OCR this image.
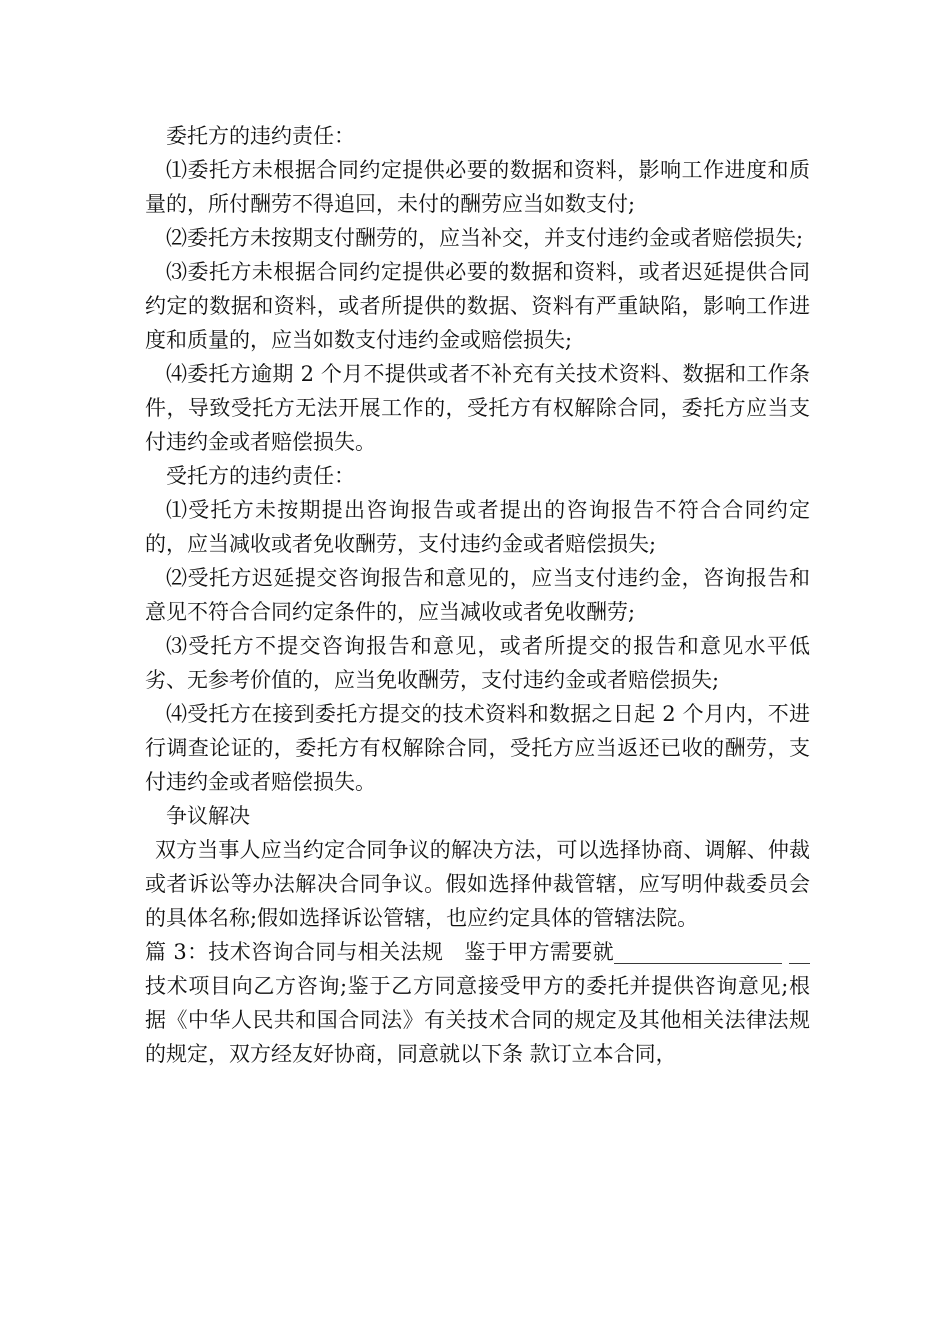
委托方的违约责任：

⑴委托方未根据合同约定提供必要的数据和资料，影响工作进度和质量的，所付酬劳不得追回，未付的酬劳应当如数支付;

⑵委托方未按期支付酬劳的，应当补交，并支付违约金或者赔偿损失;

⑶委托方未根据合同约定提供必要的数据和资料，或者迟延提供合同约定的数据和资料，或者所提供的数据、资料有严重缺陷，影响工作进度和质量的，应当如数支付违约金或赔偿损失;

⑷委托方逾期 2 个月不提供或者不补充有关技术资料、数据和工作条件，导致受托方无法开展工作的，受托方有权解除合同，委托方应当支付违约金或者赔偿损失。

受托方的违约责任：

⑴受托方未按期提出咨询报告或者提出的咨询报告不符合合同约定的，应当减收或者免收酬劳，支付违约金或者赔偿损失;

⑵受托方迟延提交咨询报告和意见的，应当支付违约金，咨询报告和意见不符合合同约定条件的，应当减收或者免收酬劳;

⑶受托方不提交咨询报告和意见，或者所提交的报告和意见水平低劣、无参考价值的，应当免收酬劳，支付违约金或者赔偿损失;

⑷受托方在接到委托方提交的技术资料和数据之日起 2 个月内，不进行调查论证的，委托方有权解除合同，受托方应当返还已收的酬劳，支付违约金或者赔偿损失。

争议解决

双方当事人应当约定合同争议的解决方法，可以选择协商、调解、仲裁或者诉讼等办法解决合同争议。假如选择仲裁管辖，应写明仲裁委员会的具体名称;假如选择诉讼管辖，也应约定具体的管辖法院。

篇 3：技术咨询合同与相关法规　鉴于甲方需要就________________ __技术项目向乙方咨询;鉴于乙方同意接受甲方的委托并提供咨询意见;根据《中华人民共和国合同法》有关技术合同的规定及其他相关法律法规的规定，双方经友好协商，同意就以下条 款订立本合同，
